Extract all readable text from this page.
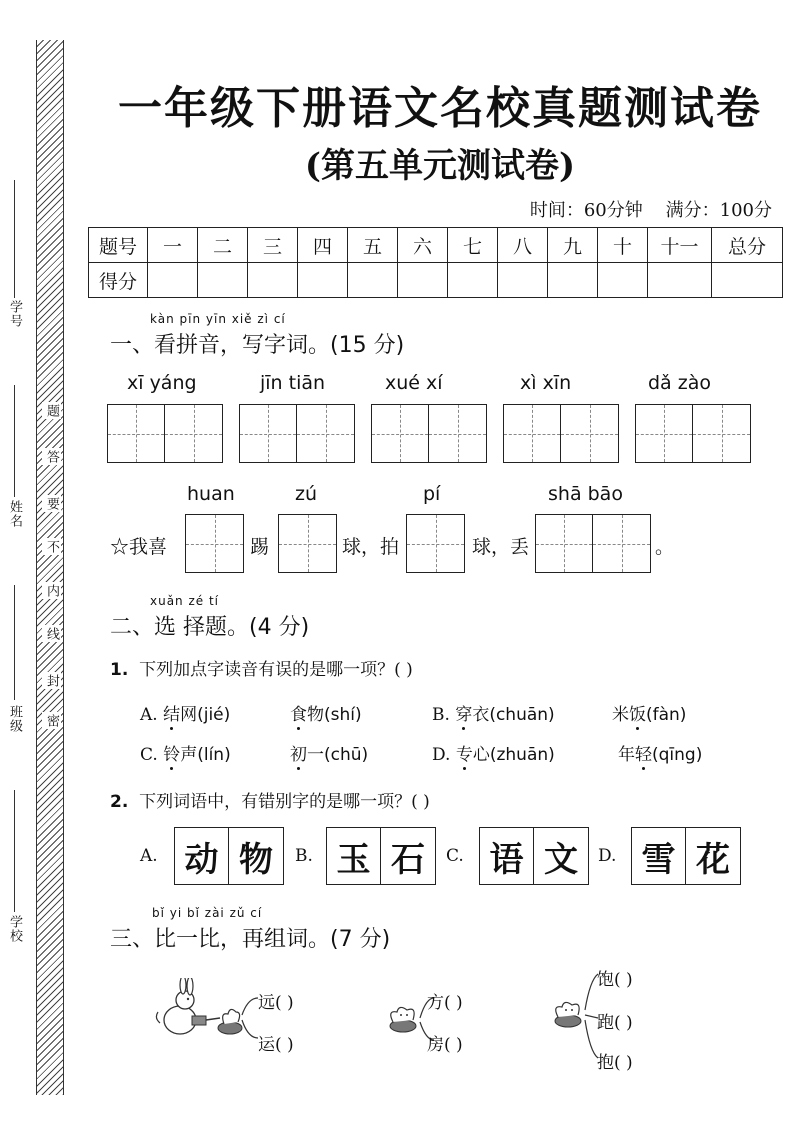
学号
姓名
班级
学校
密
封
线
内
不
要
答
题
一年级下册语文名校真题测试卷
(第五单元测试卷)
时间：60分钟 满分：100分
题号	一	二	三	四	五	六	七	八	九	十	十一	总分
得分												
kàn pīn yīn xiě zì cí
一、看拼音，写字词。(15 分)
xī yáng	jīn tiān	xué xí	xì xīn	dǎ zào
huan	zú	pí	shā bāo
☆我喜	踢	球，拍	球，丢	。
xuǎn zé tí
二、选 择题。(4 分)
1. 下列加点字读音有误的是哪一项？( )
A. 结网(jié)	食物(shí)	B. 穿衣(chuān)	米饭(fàn)
C. 铃声(lín)	初一(chū)	D. 专心(zhuān)	年轻(qīng)
2. 下列词语中，有错别字的是哪一项？( )
A. 动 物	B. 玉 石	C. 语 文	D. 雪 花
bǐ yi bǐ zài zǔ cí
三、比一比，再组词。(7 分)
远( )
运( )
方( )
房( )
饱( )
跑( )
抱( )
